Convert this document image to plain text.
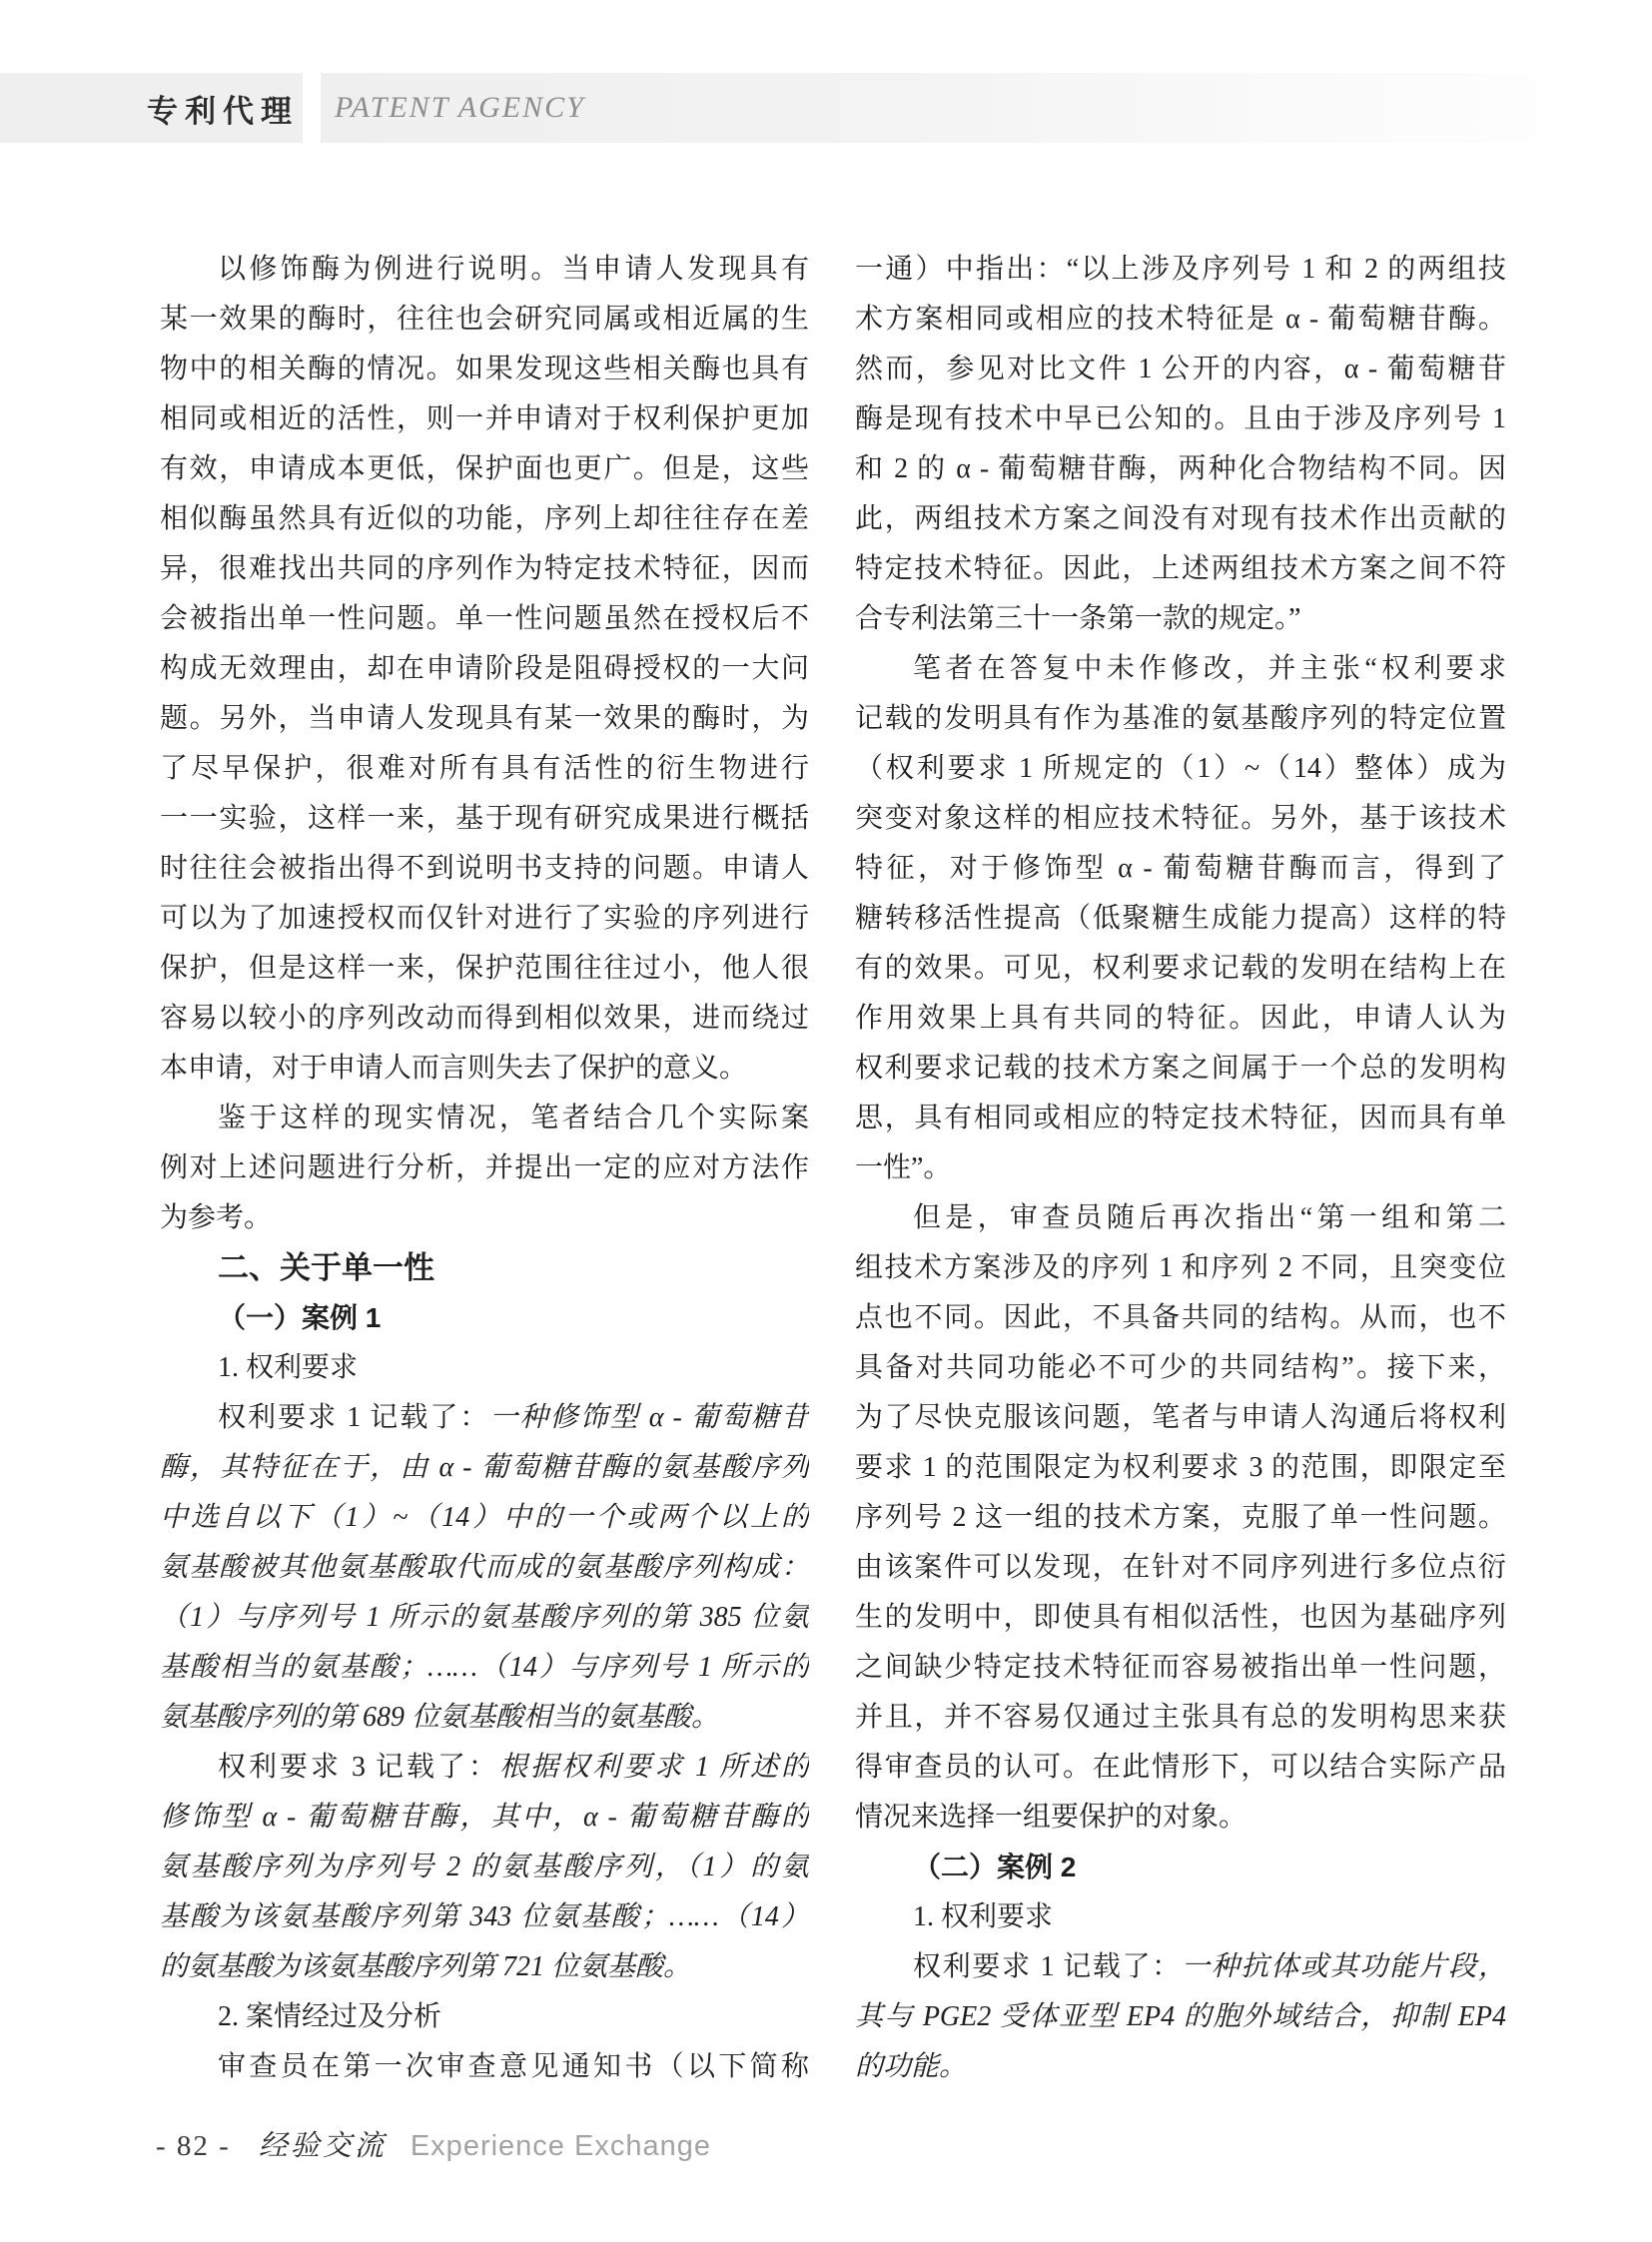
专利代理 PATENT AGENCY
以修饰酶为例进行说明。当申请人发现具有
某一效果的酶时，往往也会研究同属或相近属的生
物中的相关酶的情况。如果发现这些相关酶也具有
相同或相近的活性，则一并申请对于权利保护更加
有效，申请成本更低，保护面也更广。但是，这些
相似酶虽然具有近似的功能，序列上却往往存在差
异，很难找出共同的序列作为特定技术特征，因而
会被指出单一性问题。单一性问题虽然在授权后不
构成无效理由，却在申请阶段是阻碍授权的一大问
题。另外，当申请人发现具有某一效果的酶时，为
了尽早保护，很难对所有具有活性的衍生物进行
一一实验，这样一来，基于现有研究成果进行概括
时往往会被指出得不到说明书支持的问题。申请人
可以为了加速授权而仅针对进行了实验的序列进行
保护，但是这样一来，保护范围往往过小，他人很
容易以较小的序列改动而得到相似效果，进而绕过
本申请，对于申请人而言则失去了保护的意义。
鉴于这样的现实情况，笔者结合几个实际案
例对上述问题进行分析，并提出一定的应对方法作
为参考。
二、关于单一性
（一）案例 1
1. 权利要求
权利要求 1 记载了：一种修饰型 α - 葡萄糖苷
酶，其特征在于，由 α - 葡萄糖苷酶的氨基酸序列
中选自以下（1）~（14）中的一个或两个以上的
氨基酸被其他氨基酸取代而成的氨基酸序列构成：
（1）与序列号 1 所示的氨基酸序列的第 385 位氨
基酸相当的氨基酸；……（14）与序列号 1 所示的
氨基酸序列的第 689 位氨基酸相当的氨基酸。
权利要求 3 记载了：根据权利要求 1 所述的
修饰型 α - 葡萄糖苷酶，其中，α - 葡萄糖苷酶的
氨基酸序列为序列号 2 的氨基酸序列，（1）的氨
基酸为该氨基酸序列第 343 位氨基酸；……（14）
的氨基酸为该氨基酸序列第 721 位氨基酸。
2. 案情经过及分析
审查员在第一次审查意见通知书（以下简称
一通）中指出：“以上涉及序列号 1 和 2 的两组技
术方案相同或相应的技术特征是 α - 葡萄糖苷酶。
然而，参见对比文件 1 公开的内容，α - 葡萄糖苷
酶是现有技术中早已公知的。且由于涉及序列号 1
和 2 的 α - 葡萄糖苷酶，两种化合物结构不同。因
此，两组技术方案之间没有对现有技术作出贡献的
特定技术特征。因此，上述两组技术方案之间不符
合专利法第三十一条第一款的规定。”
笔者在答复中未作修改，并主张“权利要求
记载的发明具有作为基准的氨基酸序列的特定位置
（权利要求 1 所规定的（1）~（14）整体）成为
突变对象这样的相应技术特征。另外，基于该技术
特征，对于修饰型 α - 葡萄糖苷酶而言，得到了
糖转移活性提高（低聚糖生成能力提高）这样的特
有的效果。可见，权利要求记载的发明在结构上在
作用效果上具有共同的特征。因此，申请人认为
权利要求记载的技术方案之间属于一个总的发明构
思，具有相同或相应的特定技术特征，因而具有单
一性”。
但是，审查员随后再次指出“第一组和第二
组技术方案涉及的序列 1 和序列 2 不同，且突变位
点也不同。因此，不具备共同的结构。从而，也不
具备对共同功能必不可少的共同结构”。接下来，
为了尽快克服该问题，笔者与申请人沟通后将权利
要求 1 的范围限定为权利要求 3 的范围，即限定至
序列号 2 这一组的技术方案，克服了单一性问题。
由该案件可以发现，在针对不同序列进行多位点衍
生的发明中，即使具有相似活性，也因为基础序列
之间缺少特定技术特征而容易被指出单一性问题，
并且，并不容易仅通过主张具有总的发明构思来获
得审查员的认可。在此情形下，可以结合实际产品
情况来选择一组要保护的对象。
（二）案例 2
1. 权利要求
权利要求 1 记载了：一种抗体或其功能片段，
其与 PGE2 受体亚型 EP4 的胞外域结合，抑制 EP4
的功能。
- 82 - 经验交流 Experience Exchange
